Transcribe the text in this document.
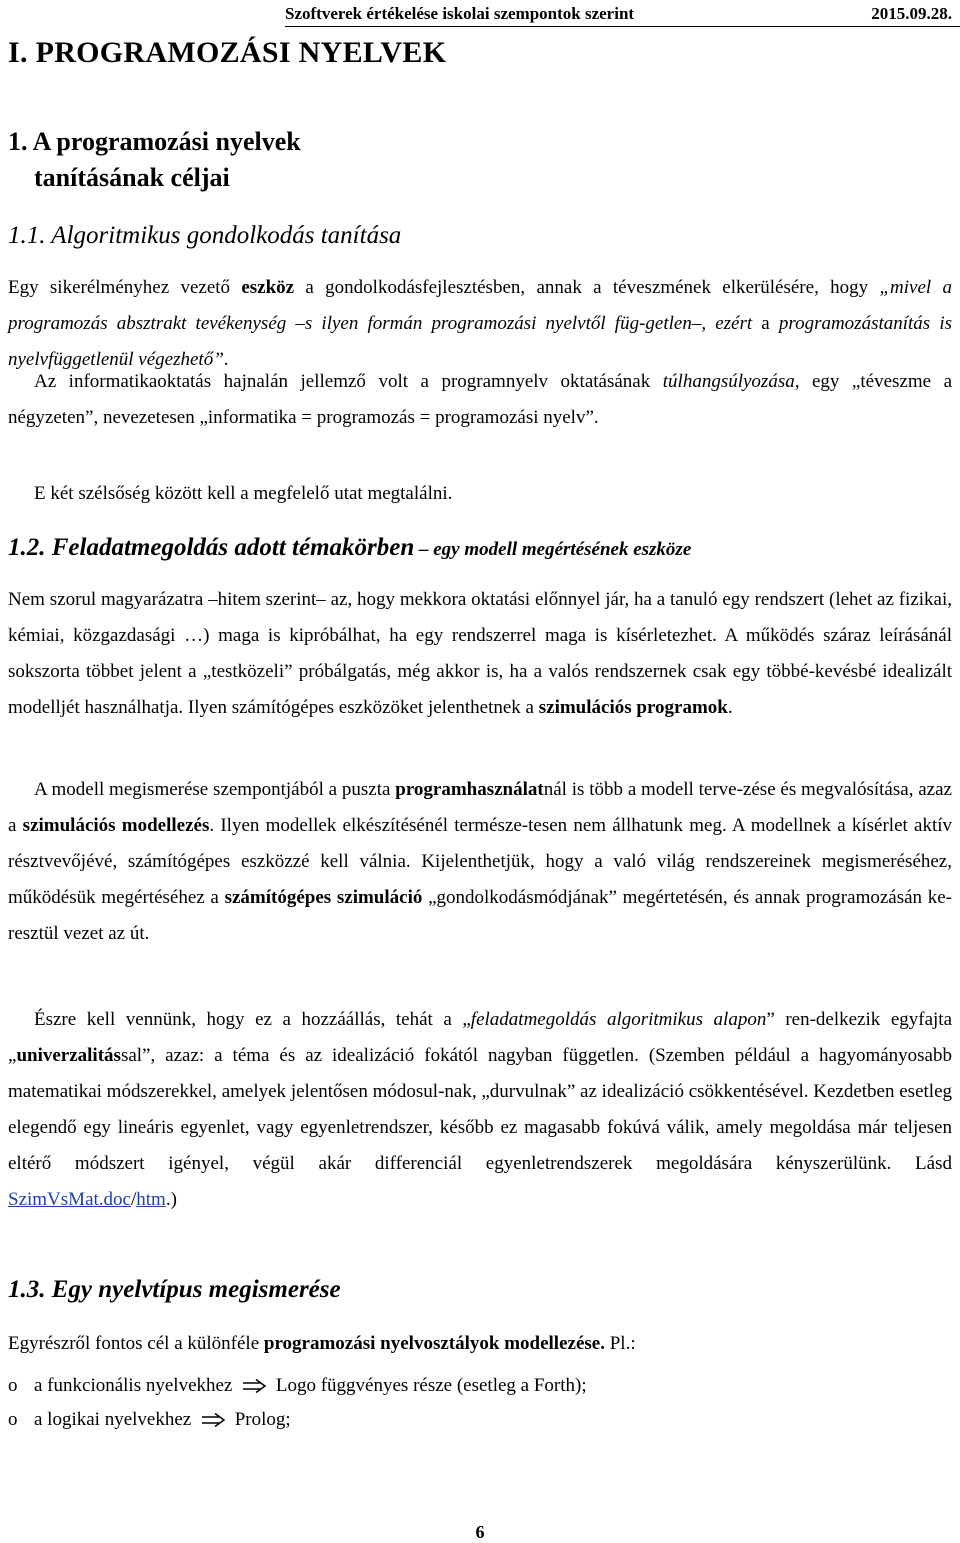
Szoftverek értékelése iskolai szempontok szerint	2015.09.28.
I. PROGRAMOZÁSI NYELVEK
1. A programozási nyelvek
tanításának céljai
1.1. Algoritmikus gondolkodás tanítása
Egy sikerélményhez vezető eszköz a gondolkodásfejlesztésben, annak a téveszmének elkerülésére, hogy „mivel a programozás absztrakt tevékenység –s ilyen formán programozási nyelvtől füg-getlen–, ezért a programozástanítás is nyelvfüggetlenül végezhető”.
Az informatikaoktatás hajnalán jellemző volt a programnyelv oktatásának túlhangsúlyozása, egy „téveszme a négyzeten”, nevezetesen „informatika = programozás = programozási nyelv”.
E két szélsőség között kell a megfelelő utat megtalálni.
1.2. Feladatmegoldás adott témakörben – egy modell megértésének eszköze
Nem szorul magyarázatra –hitem szerint– az, hogy mekkora oktatási előnnyel jár, ha a tanuló egy rendszert (lehet az fizikai, kémiai, közgazdasági …) maga is kipróbálhat, ha egy rendszerrel maga is kísérletezhet. A működés száraz leírásánál sokszorta többet jelent a „testközeli” próbálgatás, még akkor is, ha a valós rendszernek csak egy többé-kevésbé idealizált modelljét használhatja. Ilyen számítógépes eszközöket jelenthetnek a szimulációs programok.
A modell megismerése szempontjából a puszta programhasználatnál is több a modell terve-zése és megvalósítása, azaz a szimulációs modellezés. Ilyen modellek elkészítésénél természe-tesen nem állhatunk meg. A modellnek a kísérlet aktív résztvevőjévé, számítógépes eszközzé kell válnia. Kijelenthetjük, hogy a való világ rendszereinek megismeréséhez, működésük megértéséhez a számítógépes szimuláció „gondolkodásmódjának” megértetésén, és annak programozásán ke-resztül vezet az út.
Észre kell vennünk, hogy ez a hozzáállás, tehát a „feladatmegoldás algoritmikus alapon” ren-delkezik egyfajta „univerzalitással”, azaz: a téma és az idealizáció fokától nagyban független. (Szemben például a hagyományosabb matematikai módszerekkel, amelyek jelentősen módosul-nak, „durvulnak” az idealizáció csökkentésével. Kezdetben esetleg elegendő egy lineáris egyenlet, vagy egyenletrendszer, később ez magasabb fokúvá válik, amely megoldása már teljesen eltérő módszert igényel, végül akár differenciál egyenletrendszerek megoldására kényszerülünk. Lásd SzimVsMat.doc/htm.)
1.3. Egy nyelvtípus megismerése
Egyrészről fontos cél a különféle programozási nyelvosztályok modellezése. Pl.:
o a funkcionális nyelvekhez Logo függvényes része (esetleg a Forth);
o a logikai nyelvekhez Prolog;
6
